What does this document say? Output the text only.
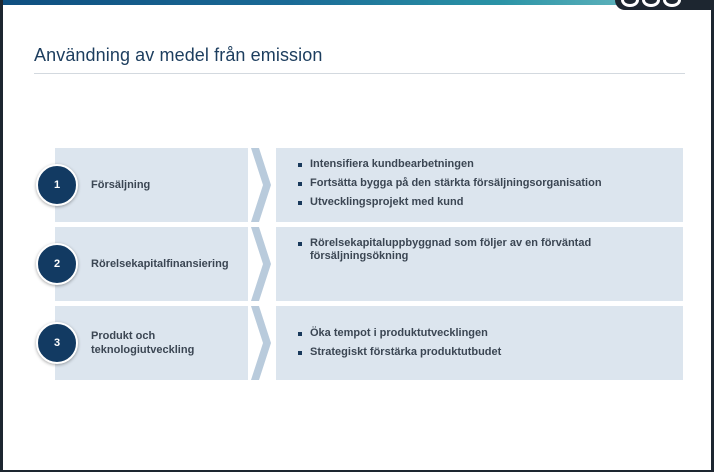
Användning av medel från emission
1	Försäljning
Intensifiera kundbearbetningen
Fortsätta bygga på den stärkta försäljningsorganisation
Utvecklingsprojekt med kund
2	Rörelsekapitalfinansiering
Rörelsekapitaluppbyggnad som följer av en förväntad försäljningsökning
3
Produkt och teknologiutveckling
Öka tempot i produktutvecklingen
Strategiskt förstärka produktutbudet
